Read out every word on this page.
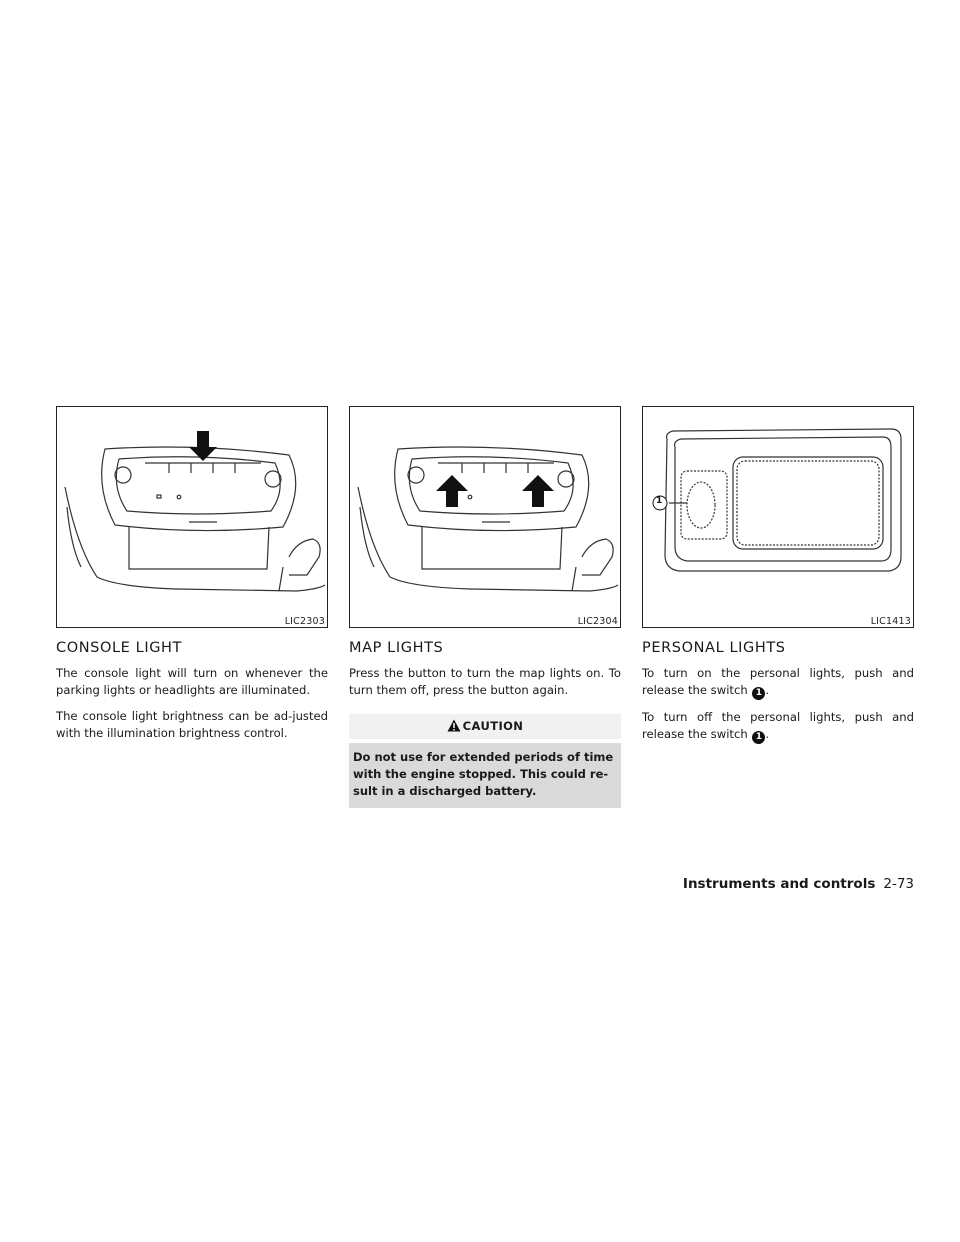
LIC2303
CONSOLE LIGHT

The console light will turn on whenever the parking lights or headlights are illuminated.

The console light brightness can be ad-justed with the illumination brightness control.

LIC2304
MAP LIGHTS

Press the button to turn the map lights on. To turn them off, press the button again.

CAUTION
Do not use for extended periods of time with the engine stopped. This could re-sult in a discharged battery.
1
LIC1413
PERSONAL LIGHTS

To turn on the personal lights, push and release the switch 1 .

To turn off the personal lights, push and release the switch 1 .

Instruments and controls 2-73
